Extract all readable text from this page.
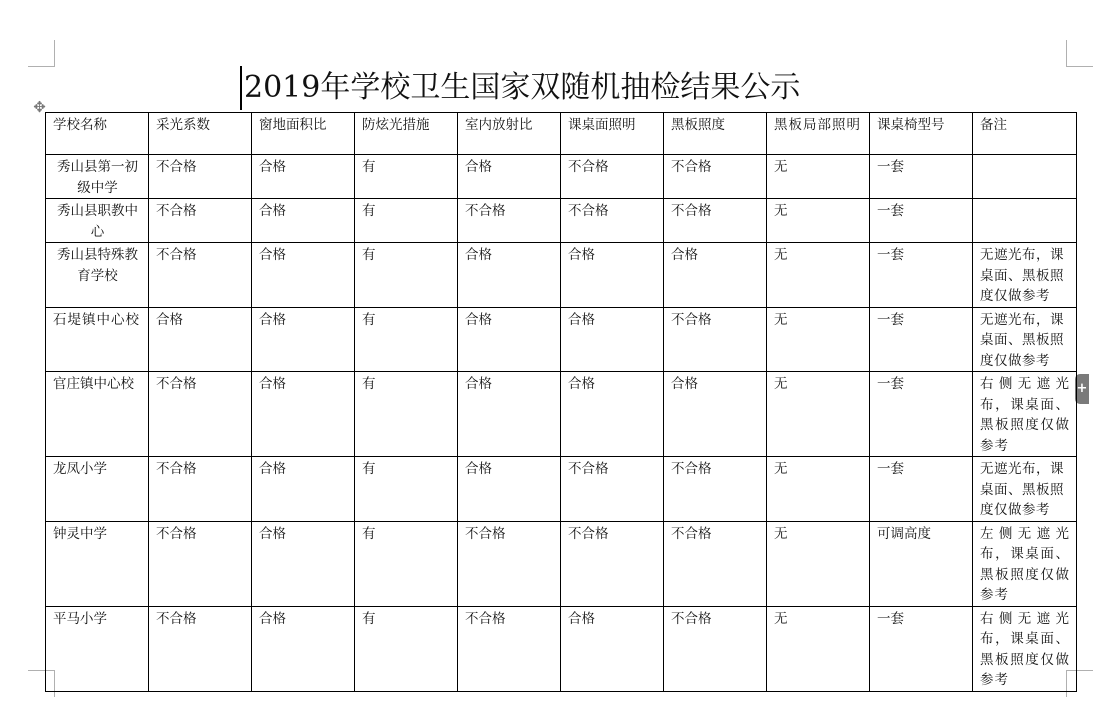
2019年学校卫生国家双随机抽检结果公示
✥
+
学校名称	采光系数	窗地面积比	防炫光措施	室内放射比	课桌面照明	黑板照度	黑板局部照明	课桌椅型号	备注
秀山县第一初级中学	不合格	合格	有	合格	不合格	不合格	无	一套	
秀山县职教中心	不合格	合格	有	不合格	不合格	不合格	无	一套	
秀山县特殊教育学校	不合格	合格	有	合格	合格	合格	无	一套	无遮光布，课桌面、黑板照度仅做参考
石堤镇中心校	合格	合格	有	合格	合格	不合格	无	一套	无遮光布，课桌面、黑板照度仅做参考
官庄镇中心校	不合格	合格	有	合格	合格	合格	无	一套	右侧无遮光布，课桌面、黑板照度仅做参考
龙凤小学	不合格	合格	有	合格	不合格	不合格	无	一套	无遮光布，课桌面、黑板照度仅做参考
钟灵中学	不合格	合格	有	不合格	不合格	不合格	无	可调高度	左侧无遮光布，课桌面、黑板照度仅做参考
平马小学	不合格	合格	有	不合格	合格	不合格	无	一套	右侧无遮光布，课桌面、黑板照度仅做参考
